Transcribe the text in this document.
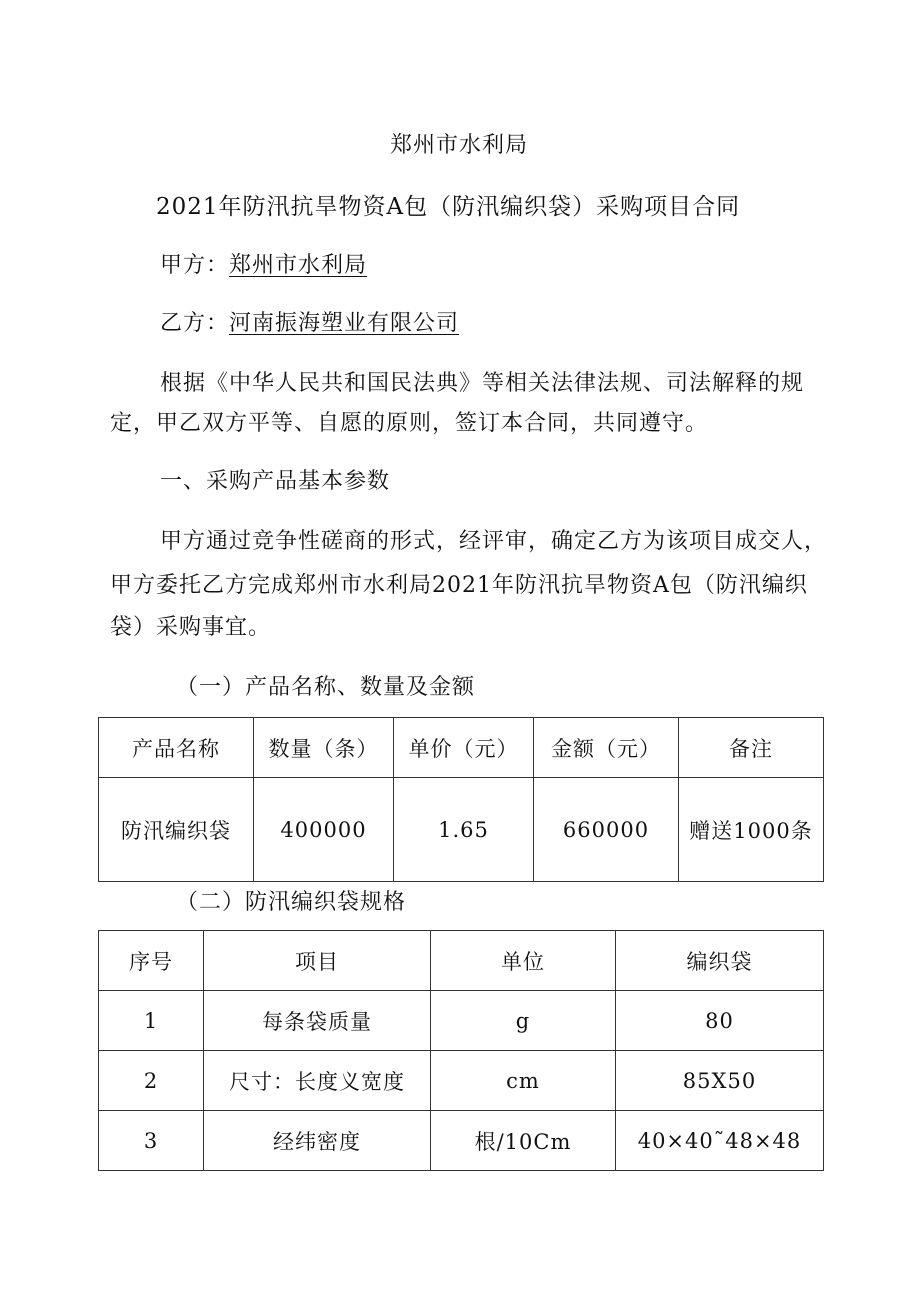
郑州市水利局
2021年防汛抗旱物资A包（防汛编织袋）采购项目合同
甲方：郑州市水利局
乙方：河南振海塑业有限公司
根据《中华人民共和国民法典》等相关法律法规、司法解释的规
定，甲乙双方平等、自愿的原则，签订本合同，共同遵守。
一、采购产品基本参数
甲方通过竞争性磋商的形式，经评审，确定乙方为该项目成交人，
甲方委托乙方完成郑州市水利局2021年防汛抗旱物资A包（防汛编织
袋）采购事宜。
（一）产品名称、数量及金额
产品名称	数量（条）	单价（元）	金额（元）	备注
防汛编织袋	400000	1.65	660000	赠送1000条
（二）防汛编织袋规格
序号	项目	单位	编织袋
1	每条袋质量	g	80
2	尺寸：长度义宽度	cm	85X50
3	经纬密度	根/10Cm	40×40˜48×48
